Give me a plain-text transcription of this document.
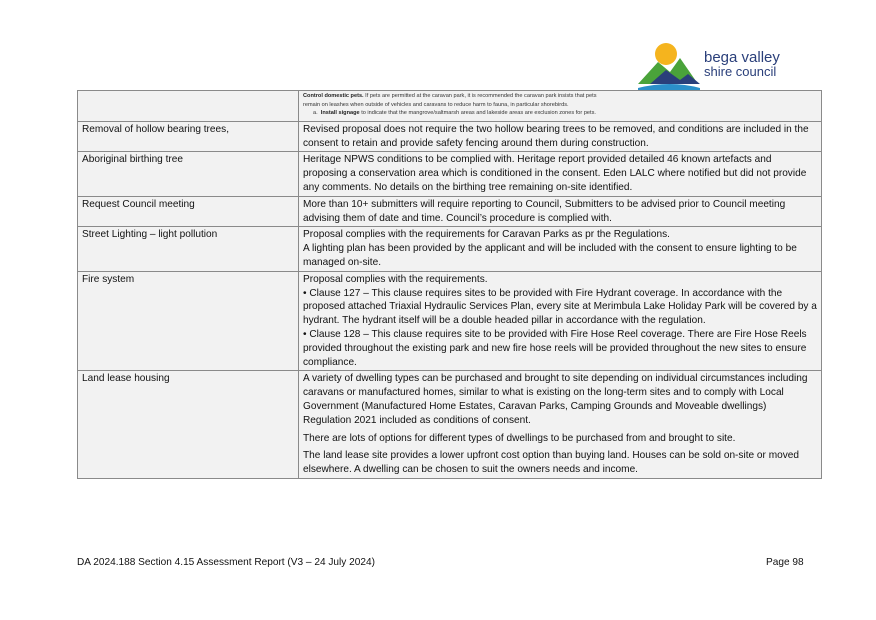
bega valley
shire council

	Control domestic pets. If pets are permitted at the caravan park, it is recommended the caravan park insists that pets remain on leashes when outside of vehicles and caravans to reduce harm to fauna, in particular shorebirds.
a. Install signage to indicate that the mangrove/saltmarsh areas and lakeside areas are exclusion zones for pets.

Removal of hollow bearing trees,	Revised proposal does not require the two hollow bearing trees to be removed, and conditions are included in the consent to retain and provide safety fencing around them during construction.

Aboriginal birthing tree	Heritage NPWS conditions to be complied with. Heritage report provided detailed 46 known artefacts and proposing a conservation area which is conditioned in the consent. Eden LALC where notified but did not provide any comments. No details on the birthing tree remaining on-site identified.

Request Council meeting	More than 10+ submitters will require reporting to Council, Submitters to be advised prior to Council meeting advising them of date and time. Council’s procedure is complied with.

Street Lighting – light pollution	Proposal complies with the requirements for Caravan Parks as pr the Regulations.

A lighting plan has been provided by the applicant and will be included with the consent to ensure lighting to be managed on-site.

Fire system	Proposal complies with the requirements.

• Clause 127 – This clause requires sites to be provided with Fire Hydrant coverage. In accordance with the proposed attached Triaxial Hydraulic Services Plan, every site at Merimbula Lake Holiday Park will be covered by a hydrant. The hydrant itself will be a double headed pillar in accordance with the regulation.

• Clause 128 – This clause requires site to be provided with Fire Hose Reel coverage. There are Fire Hose Reels provided throughout the existing park and new fire hose reels will be provided throughout the new sites to ensure compliance.

Land lease housing	A variety of dwelling types can be purchased and brought to site depending on individual circumstances including caravans or manufactured homes, similar to what is existing on the long-term sites and to comply with Local Government (Manufactured Home Estates, Caravan Parks, Camping Grounds and Moveable dwellings) Regulation 2021 included as conditions of consent.

There are lots of options for different types of dwellings to be purchased from and brought to site.

The land lease site provides a lower upfront cost option than buying land. Houses can be sold on-site or moved elsewhere. A dwelling can be chosen to suit the owners needs and income.

DA 2024.188 Section 4.15 Assessment Report (V3 – 24 July 2024)	Page 98
